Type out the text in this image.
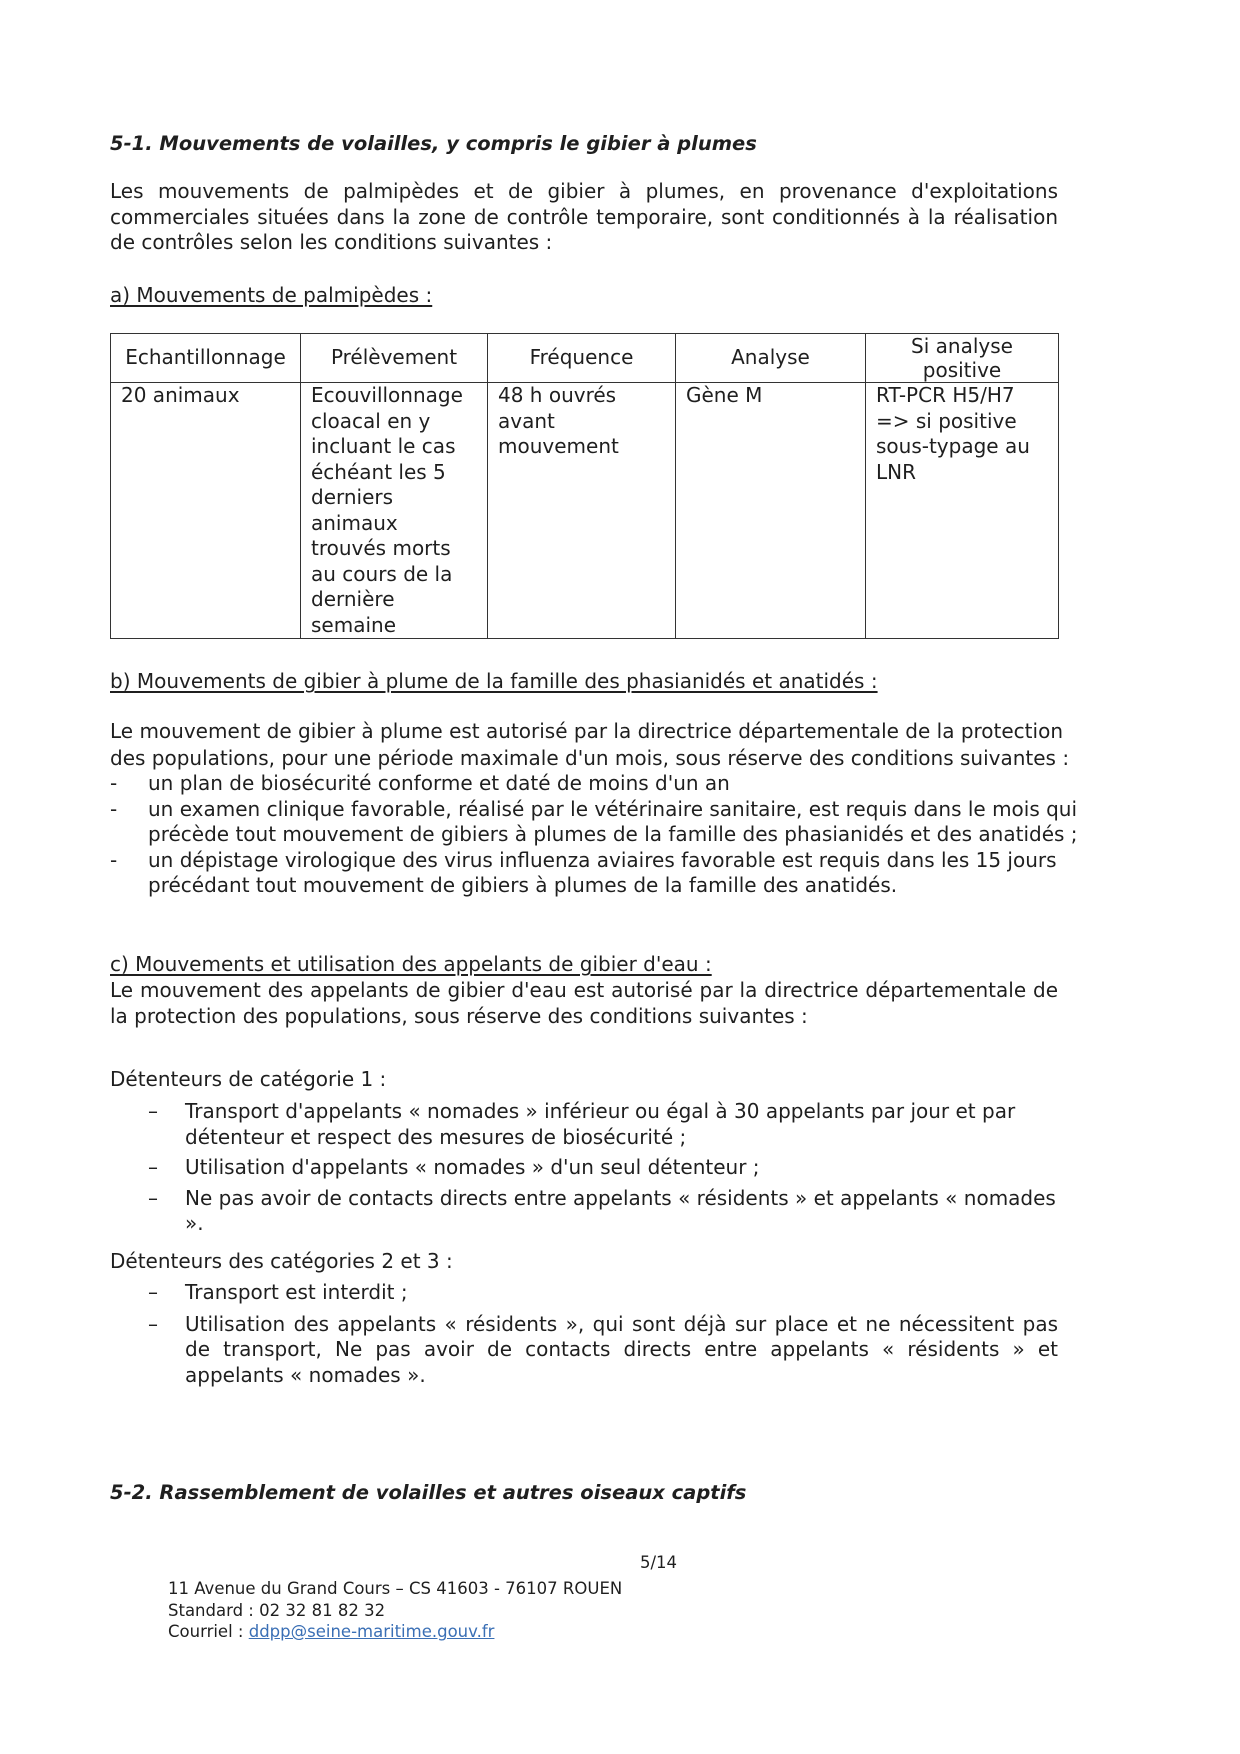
5-1. Mouvements de volailles, y compris le gibier à plumes

Les mouvements de palmipèdes et de gibier à plumes, en provenance d'exploitations commerciales situées dans la zone de contrôle temporaire, sont conditionnés à la réalisation de contrôles selon les conditions suivantes :

a) Mouvements de palmipèdes :
Echantillonnage	Prélèvement	Fréquence	Analyse	Si analyse positive
20 animaux	Ecouvillonnage cloacal en y incluant le cas échéant les 5 derniers animaux trouvés morts au cours de la dernière semaine	48 h ouvrés avant mouvement	Gène M	RT-PCR H5/H7 => si positive sous-typage au LNR
b) Mouvements de gibier à plume de la famille des phasianidés et anatidés :

Le mouvement de gibier à plume est autorisé par la directrice départementale de la protection des populations, pour une période maximale d'un mois, sous réserve des conditions suivantes :

- un plan de biosécurité conforme et daté de moins d'un an
- un examen clinique favorable, réalisé par le vétérinaire sanitaire, est requis dans le mois qui précède tout mouvement de gibiers à plumes de la famille des phasianidés et des anatidés ;
- un dépistage virologique des virus influenza aviaires favorable est requis dans les 15 jours précédant tout mouvement de gibiers à plumes de la famille des anatidés.
c) Mouvements et utilisation des appelants de gibier d'eau :

Le mouvement des appelants de gibier d'eau est autorisé par la directrice départementale de la protection des populations, sous réserve des conditions suivantes :

Détenteurs de catégorie 1 :
– Transport d'appelants « nomades » inférieur ou égal à 30 appelants par jour et par détenteur et respect des mesures de biosécurité ;
– Utilisation d'appelants « nomades » d'un seul détenteur ;
– Ne pas avoir de contacts directs entre appelants « résidents » et appelants « nomades ».
Détenteurs des catégories 2 et 3 :
– Transport est interdit ;
– Utilisation des appelants « résidents », qui sont déjà sur place et ne nécessitent pas de transport, Ne pas avoir de contacts directs entre appelants « résidents » et appelants « nomades ».
5-2. Rassemblement de volailles et autres oiseaux captifs
5/14
11 Avenue du Grand Cours – CS 41603 - 76107 ROUEN
Standard : 02 32 81 82 32
Courriel : ddpp@seine-maritime.gouv.fr
